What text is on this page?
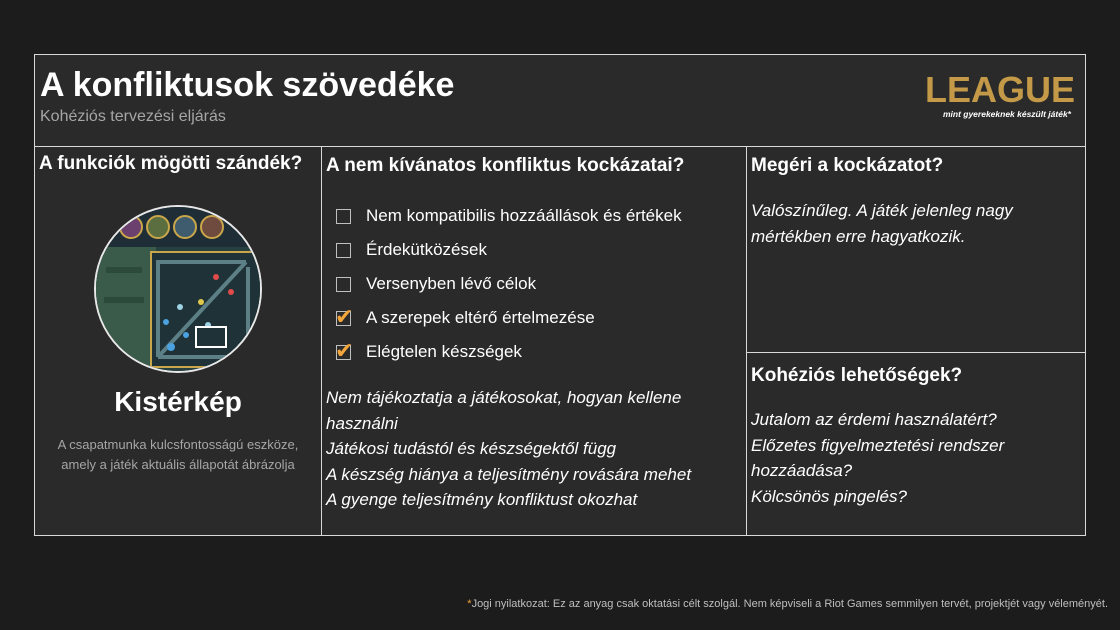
A konfliktusok szövedéke
Kohéziós tervezési eljárás
LEAGUE
mint gyerekeknek készült játék*
A funkciók mögötti szándék?
Kistérkép
A csapatmunka kulcsfontosságú eszköze, amely a játék aktuális állapotát ábrázolja
A nem kívánatos konfliktus kockázatai?
Nem kompatibilis hozzáállások és értékek
Érdekütközések
Versenyben lévő célok
✔ A szerepek eltérő értelmezése
✔ Elégtelen készségek
Nem tájékoztatja a játékosokat, hogyan kellene használni
Játékosi tudástól és készségektől függ
A készség hiánya a teljesítmény rovására mehet
A gyenge teljesítmény konfliktust okozhat
Megéri a kockázatot?
Valószínűleg. A játék jelenleg nagy mértékben erre hagyatkozik.
Kohéziós lehetőségek?
Jutalom az érdemi használatért?
Előzetes figyelmeztetési rendszer hozzáadása?
Kölcsönös pingelés?
*Jogi nyilatkozat: Ez az anyag csak oktatási célt szolgál. Nem képviseli a Riot Games semmilyen tervét, projektjét vagy véleményét.
